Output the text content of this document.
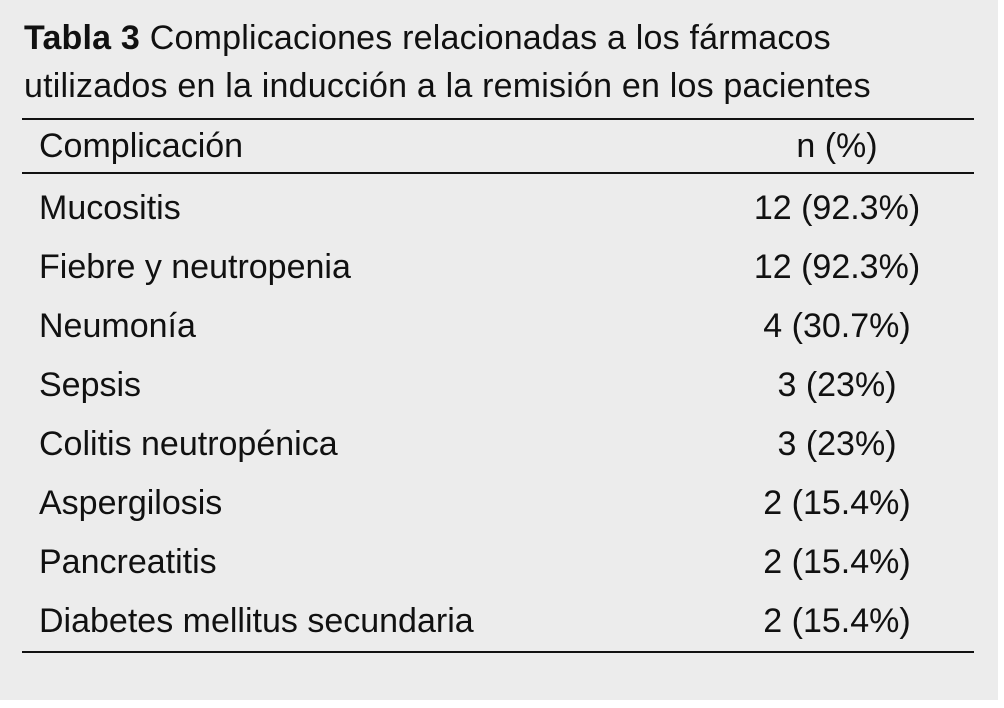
Tabla 3 Complicaciones relacionadas a los fármacos utilizados en la inducción a la remisión en los pacientes
Complicación	n (%)
Mucositis	12 (92.3%)
Fiebre y neutropenia	12 (92.3%)
Neumonía	4 (30.7%)
Sepsis	3 (23%)
Colitis neutropénica	3 (23%)
Aspergilosis	2 (15.4%)
Pancreatitis	2 (15.4%)
Diabetes mellitus secundaria	2 (15.4%)
